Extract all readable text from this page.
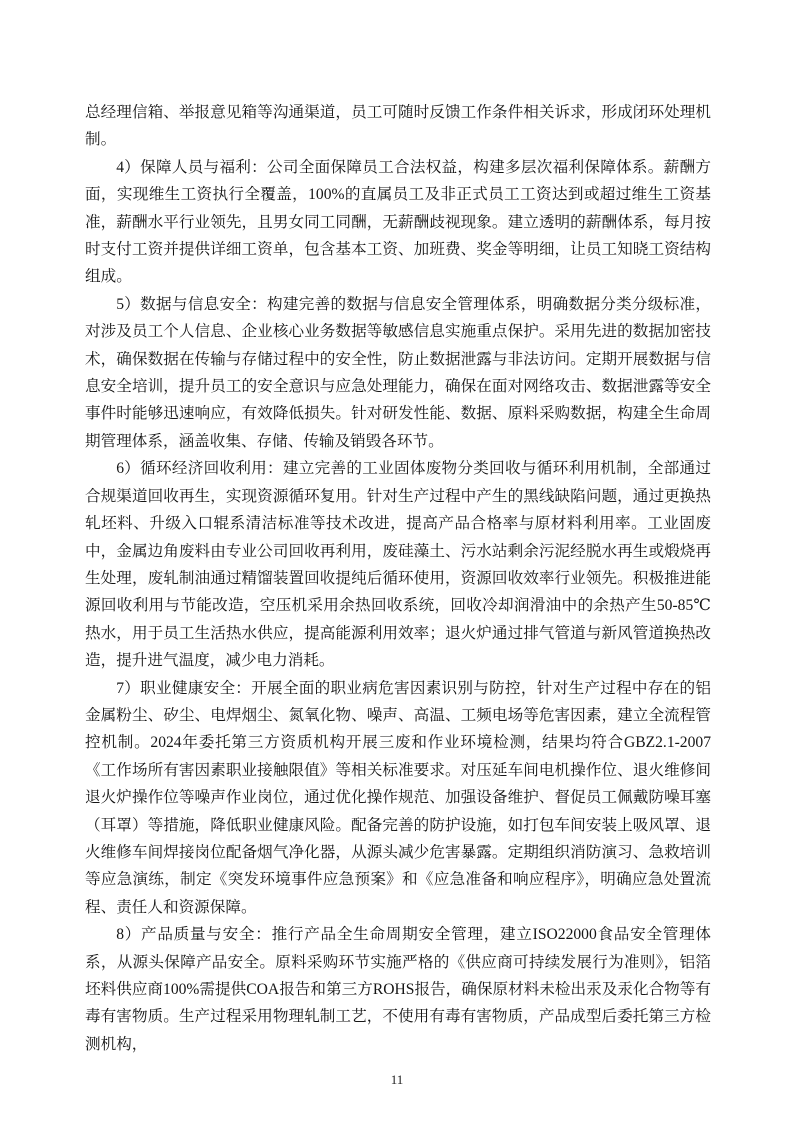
总经理信箱、举报意见箱等沟通渠道，员工可随时反馈工作条件相关诉求，形成闭环处理机制。

4）保障人员与福利：公司全面保障员工合法权益，构建多层次福利保障体系。薪酬方面，实现维生工资执行全覆盖，100%的直属员工及非正式员工工资达到或超过维生工资基准，薪酬水平行业领先，且男女同工同酬，无薪酬歧视现象。建立透明的薪酬体系，每月按时支付工资并提供详细工资单，包含基本工资、加班费、奖金等明细，让员工知晓工资结构组成。

5）数据与信息安全：构建完善的数据与信息安全管理体系，明确数据分类分级标准，对涉及员工个人信息、企业核心业务数据等敏感信息实施重点保护。采用先进的数据加密技术，确保数据在传输与存储过程中的安全性，防止数据泄露与非法访问。定期开展数据与信息安全培训，提升员工的安全意识与应急处理能力，确保在面对网络攻击、数据泄露等安全事件时能够迅速响应，有效降低损失。针对研发性能、数据、原料采购数据，构建全生命周期管理体系，涵盖收集、存储、传输及销毁各环节。

6）循环经济回收利用：建立完善的工业固体废物分类回收与循环利用机制，全部通过合规渠道回收再生，实现资源循环复用。针对生产过程中产生的黑线缺陷问题，通过更换热轧坯料、升级入口辊系清洁标准等技术改进，提高产品合格率与原材料利用率。工业固废中，金属边角废料由专业公司回收再利用，废硅藻土、污水站剩余污泥经脱水再生或煅烧再生处理，废轧制油通过精馏装置回收提纯后循环使用，资源回收效率行业领先。积极推进能源回收利用与节能改造，空压机采用余热回收系统，回收冷却润滑油中的余热产生50-85℃热水，用于员工生活热水供应，提高能源利用效率；退火炉通过排气管道与新风管道换热改造，提升进气温度，减少电力消耗。

7）职业健康安全：开展全面的职业病危害因素识别与防控，针对生产过程中存在的铝金属粉尘、矽尘、电焊烟尘、氮氧化物、噪声、高温、工频电场等危害因素，建立全流程管控机制。2024年委托第三方资质机构开展三废和作业环境检测，结果均符合GBZ2.1-2007《工作场所有害因素职业接触限值》等相关标准要求。对压延车间电机操作位、退火维修间退火炉操作位等噪声作业岗位，通过优化操作规范、加强设备维护、督促员工佩戴防噪耳塞（耳罩）等措施，降低职业健康风险。配备完善的防护设施，如打包车间安装上吸风罩、退火维修车间焊接岗位配备烟气净化器，从源头减少危害暴露。定期组织消防演习、急救培训等应急演练，制定《突发环境事件应急预案》和《应急准备和响应程序》，明确应急处置流程、责任人和资源保障。

8）产品质量与安全：推行产品全生命周期安全管理，建立ISO22000食品安全管理体系，从源头保障产品安全。原料采购环节实施严格的《供应商可持续发展行为准则》，铝箔坯料供应商100%需提供COA报告和第三方ROHS报告，确保原材料未检出汞及汞化合物等有毒有害物质。生产过程采用物理轧制工艺，不使用有毒有害物质，产品成型后委托第三方检测机构，

11
